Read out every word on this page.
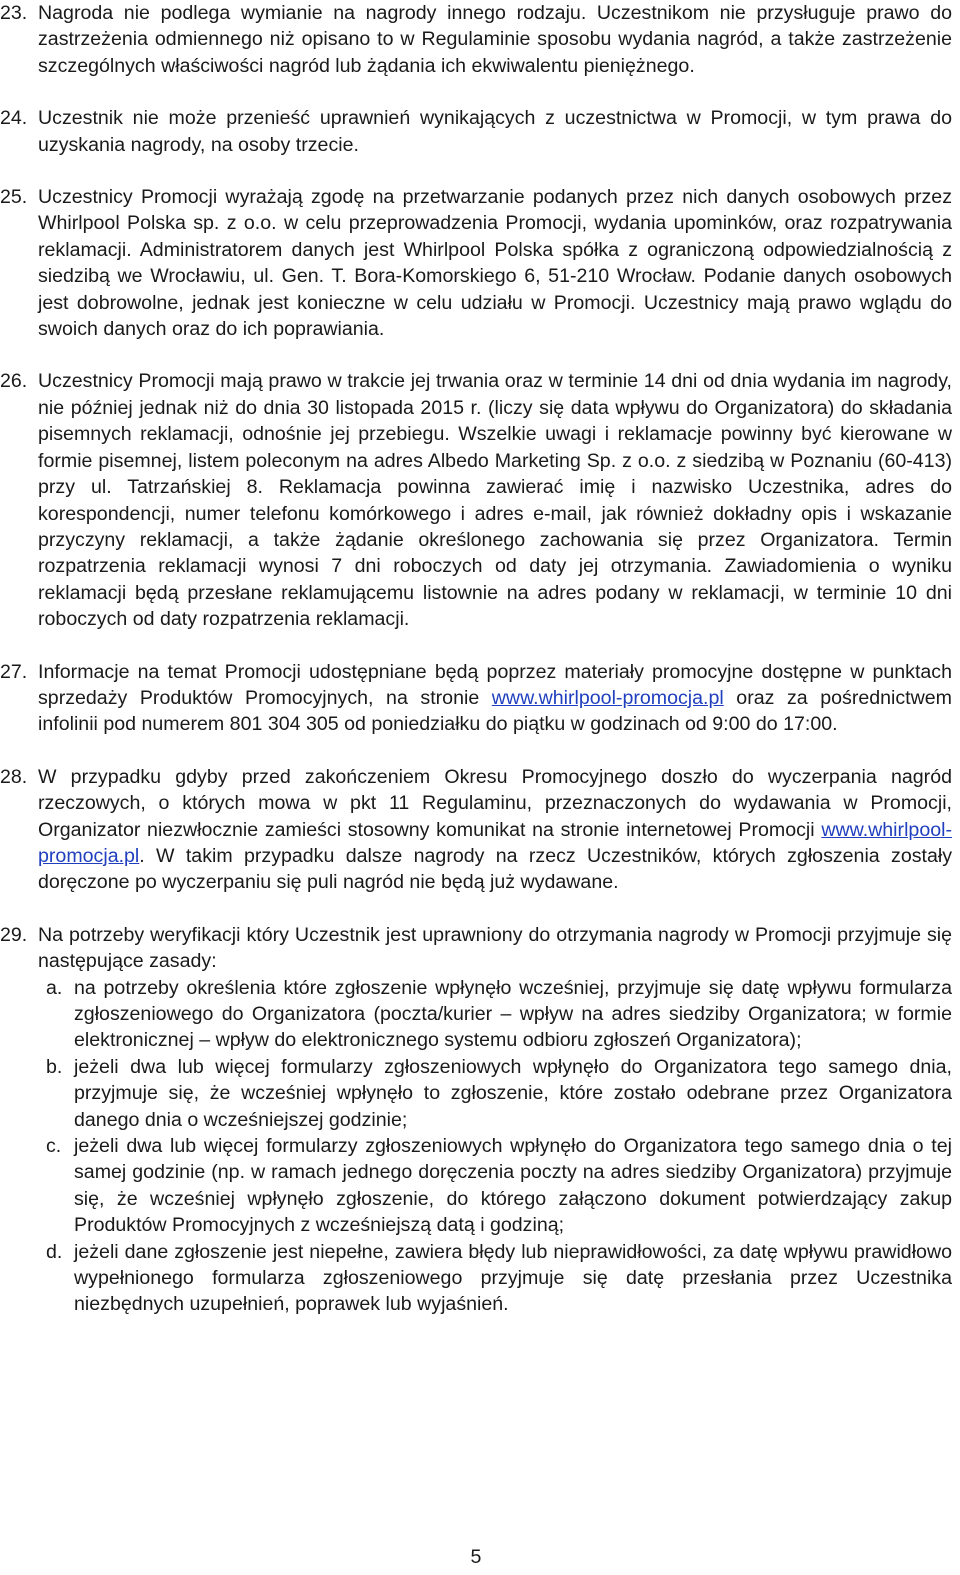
23. Nagroda nie podlega wymianie na nagrody innego rodzaju. Uczestnikom nie przysługuje prawo do zastrzeżenia odmiennego niż opisano to w Regulaminie sposobu wydania nagród, a także zastrzeżenie szczególnych właściwości nagród lub żądania ich ekwiwalentu pieniężnego.
24. Uczestnik nie może przenieść uprawnień wynikających z uczestnictwa w Promocji, w tym prawa do uzyskania nagrody, na osoby trzecie.
25. Uczestnicy Promocji wyrażają zgodę na przetwarzanie podanych przez nich danych osobowych przez Whirlpool Polska sp. z o.o. w celu przeprowadzenia Promocji, wydania upominków, oraz rozpatrywania reklamacji. Administratorem danych jest Whirlpool Polska spółka z ograniczoną odpowiedzialnością z siedzibą we Wrocławiu, ul. Gen. T. Bora-Komorskiego 6, 51-210 Wrocław. Podanie danych osobowych jest dobrowolne, jednak jest konieczne w celu udziału w Promocji. Uczestnicy mają prawo wglądu do swoich danych oraz do ich poprawiania.
26. Uczestnicy Promocji mają prawo w trakcie jej trwania oraz w terminie 14 dni od dnia wydania im nagrody, nie później jednak niż do dnia 30 listopada 2015 r. (liczy się data wpływu do Organizatora) do składania pisemnych reklamacji, odnośnie jej przebiegu. Wszelkie uwagi i reklamacje powinny być kierowane w formie pisemnej, listem poleconym na adres Albedo Marketing Sp. z o.o. z siedzibą w Poznaniu (60-413) przy ul. Tatrzańskiej 8. Reklamacja powinna zawierać imię i nazwisko Uczestnika, adres do korespondencji, numer telefonu komórkowego i adres e-mail, jak również dokładny opis i wskazanie przyczyny reklamacji, a także żądanie określonego zachowania się przez Organizatora. Termin rozpatrzenia reklamacji wynosi 7 dni roboczych od daty jej otrzymania. Zawiadomienia o wyniku reklamacji będą przesłane reklamującemu listownie na adres podany w reklamacji, w terminie 10 dni roboczych od daty rozpatrzenia reklamacji.
27. Informacje na temat Promocji udostępniane będą poprzez materiały promocyjne dostępne w punktach sprzedaży Produktów Promocyjnych, na stronie www.whirlpool-promocja.pl oraz za pośrednictwem infolinii pod numerem 801 304 305 od poniedziałku do piątku w godzinach od 9:00 do 17:00.
28. W przypadku gdyby przed zakończeniem Okresu Promocyjnego doszło do wyczerpania nagród rzeczowych, o których mowa w pkt 11 Regulaminu, przeznaczonych do wydawania w Promocji, Organizator niezwłocznie zamieści stosowny komunikat na stronie internetowej Promocji www.whirlpool-promocja.pl. W takim przypadku dalsze nagrody na rzecz Uczestników, których zgłoszenia zostały doręczone po wyczerpaniu się puli nagród nie będą już wydawane.
29. Na potrzeby weryfikacji który Uczestnik jest uprawniony do otrzymania nagrody w Promocji przyjmuje się następujące zasady:
a. na potrzeby określenia które zgłoszenie wpłynęło wcześniej, przyjmuje się datę wpływu formularza zgłoszeniowego do Organizatora (poczta/kurier – wpływ na adres siedziby Organizatora; w formie elektronicznej – wpływ do elektronicznego systemu odbioru zgłoszeń Organizatora);
b. jeżeli dwa lub więcej formularzy zgłoszeniowych wpłynęło do Organizatora tego samego dnia, przyjmuje się, że wcześniej wpłynęło to zgłoszenie, które zostało odebrane przez Organizatora danego dnia o wcześniejszej godzinie;
c. jeżeli dwa lub więcej formularzy zgłoszeniowych wpłynęło do Organizatora tego samego dnia o tej samej godzinie (np. w ramach jednego doręczenia poczty na adres siedziby Organizatora) przyjmuje się, że wcześniej wpłynęło zgłoszenie, do którego załączono dokument potwierdzający zakup Produktów Promocyjnych z wcześniejszą datą i godziną;
d. jeżeli dane zgłoszenie jest niepełne, zawiera błędy lub nieprawidłowości, za datę wpływu prawidłowo wypełnionego formularza zgłoszeniowego przyjmuje się datę przesłania przez Uczestnika niezbędnych uzupełnień, poprawek lub wyjaśnień.
5
